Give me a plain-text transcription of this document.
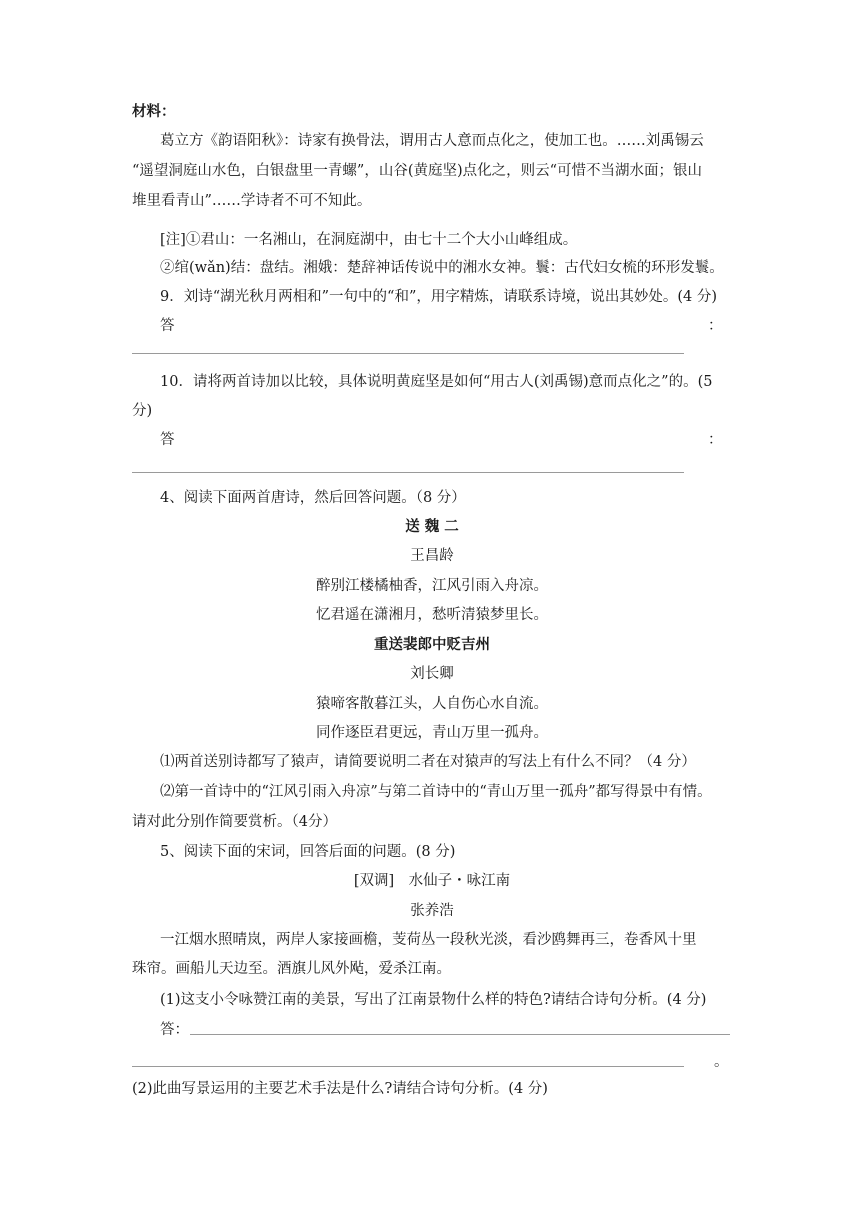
材料：
葛立方《韵语阳秋》：诗家有换骨法，谓用古人意而点化之，使加工也。……刘禹锡云
“遥望洞庭山水色，白银盘里一青螺”，山谷(黄庭坚)点化之，则云“可惜不当湖水面；银山
堆里看青山”……学诗者不可不知此。
[注]①君山：一名湘山，在洞庭湖中，由七十二个大小山峰组成。
②绾(wǎn)结：盘结。湘娥：楚辞神话传说中的湘水女神。鬟：古代妇女梳的环形发鬟。
9．刘诗“湖光秋月两相和”一句中的“和”，用字精炼，请联系诗境，说出其妙处。(4 分)
答	：
10．请将两首诗加以比较，具体说明黄庭坚是如何“用古人(刘禹锡)意而点化之”的。(5
分)
答	：
4、阅读下面两首唐诗，然后回答问题。（8 分）
送 魏 二
王昌龄
醉别江楼橘柚香，江风引雨入舟凉。
忆君遥在潇湘月，愁听清猿梦里长。
重送裴郎中贬吉州
刘长卿
猿啼客散暮江头，人自伤心水自流。
同作逐臣君更远，青山万里一孤舟。
⑴两首送别诗都写了猿声，请简要说明二者在对猿声的写法上有什么不同？（4 分）
⑵第一首诗中的“江风引雨入舟凉”与第二首诗中的“青山万里一孤舟”都写得景中有情。
请对此分别作简要赏析。（4分）
5、阅读下面的宋词，回答后面的问题。(8 分)
[双调]　水仙子・咏江南
张养浩
一江烟水照晴岚，两岸人家接画檐，芰荷丛一段秋光淡，看沙鸥舞再三，卷香风十里
珠帘。画船儿天边至。酒旗儿风外飐，爱杀江南。
(1)这支小令咏赞江南的美景，写出了江南景物什么样的特色?请结合诗句分析。(4 分)
答：
。
(2)此曲写景运用的主要艺术手法是什么?请结合诗句分析。(4 分)
